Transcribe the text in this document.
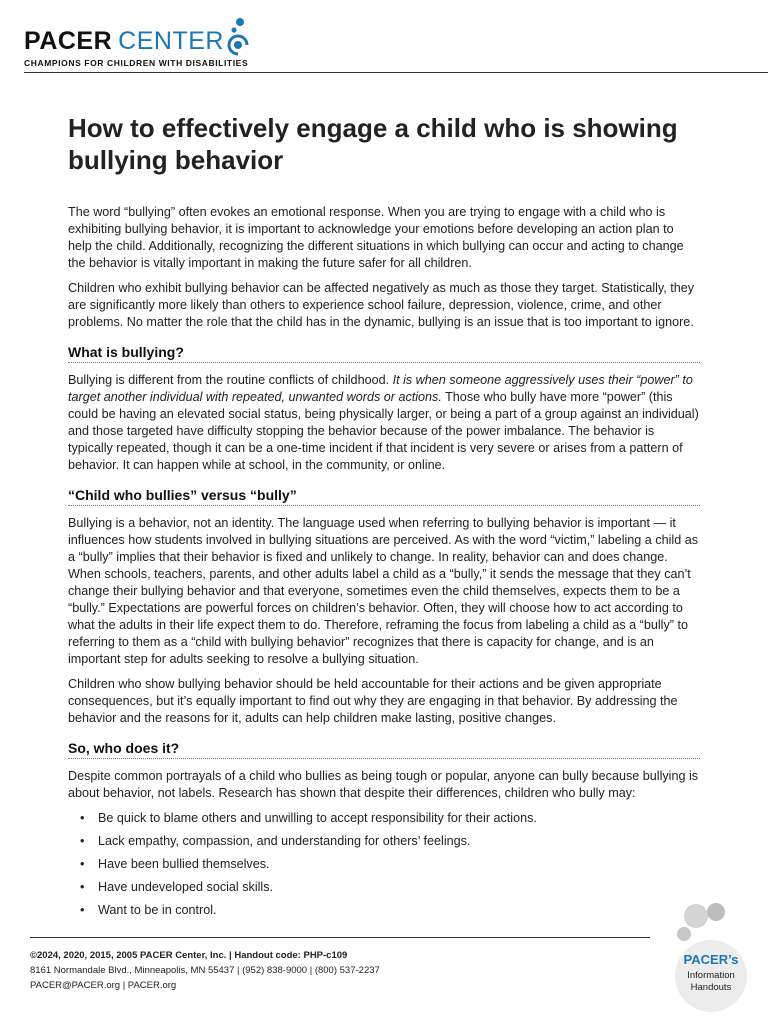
PACER CENTER
CHAMPIONS FOR CHILDREN WITH DISABILITIES
How to effectively engage a child who is showing bullying behavior

The word “bullying” often evokes an emotional response. When you are trying to engage with a child who is exhibiting bullying behavior, it is important to acknowledge your emotions before developing an action plan to help the child. Additionally, recognizing the different situations in which bullying can occur and acting to change the behavior is vitally important in making the future safer for all children.

Children who exhibit bullying behavior can be affected negatively as much as those they target. Statistically, they are significantly more likely than others to experience school failure, depression, violence, crime, and other problems. No matter the role that the child has in the dynamic, bullying is an issue that is too important to ignore.

What is bullying?

Bullying is different from the routine conflicts of childhood. It is when someone aggressively uses their “power” to target another individual with repeated, unwanted words or actions. Those who bully have more “power” (this could be having an elevated social status, being physically larger, or being a part of a group against an individual) and those targeted have difficulty stopping the behavior because of the power imbalance. The behavior is typically repeated, though it can be a one-time incident if that incident is very severe or arises from a pattern of behavior. It can happen while at school, in the community, or online.

“Child who bullies” versus “bully”

Bullying is a behavior, not an identity. The language used when referring to bullying behavior is important — it influences how students involved in bullying situations are perceived. As with the word “victim,” labeling a child as a “bully” implies that their behavior is fixed and unlikely to change. In reality, behavior can and does change. When schools, teachers, parents, and other adults label a child as a “bully,” it sends the message that they can’t change their bullying behavior and that everyone, sometimes even the child themselves, expects them to be a “bully.” Expectations are powerful forces on children’s behavior. Often, they will choose how to act according to what the adults in their life expect them to do. Therefore, reframing the focus from labeling a child as a “bully” to referring to them as a “child with bullying behavior” recognizes that there is capacity for change, and is an important step for adults seeking to resolve a bullying situation.

Children who show bullying behavior should be held accountable for their actions and be given appropriate consequences, but it’s equally important to find out why they are engaging in that behavior. By addressing the behavior and the reasons for it, adults can help children make lasting, positive changes.

So, who does it?

Despite common portrayals of a child who bullies as being tough or popular, anyone can bully because bullying is about behavior, not labels. Research has shown that despite their differences, children who bully may:

• Be quick to blame others and unwilling to accept responsibility for their actions.
• Lack empathy, compassion, and understanding for others’ feelings.
• Have been bullied themselves.
• Have undeveloped social skills.
• Want to be in control.
©2024, 2020, 2015, 2005 PACER Center, Inc. | Handout code: PHP-c109
8161 Normandale Blvd., Minneapolis, MN 55437 | (952) 838-9000 | (800) 537-2237
PACER@PACER.org | PACER.org
PACER’s
Information
Handouts
